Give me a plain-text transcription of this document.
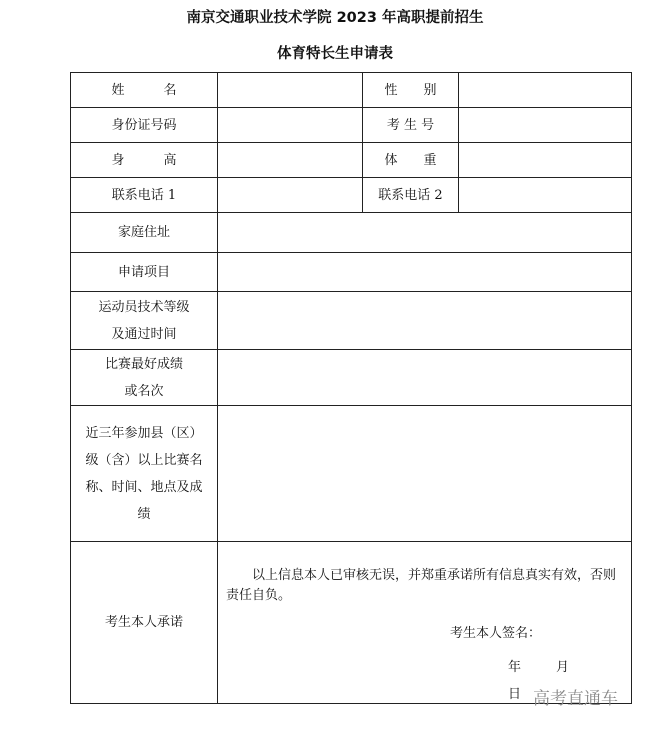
南京交通职业技术学院 2023 年高职提前招生
体育特长生申请表
姓　　　名		性　　别	
身份证号码		考 生 号	
身　　　高		体　　重	
联系电话 1		联系电话 2	
家庭住址			
申请项目			

运动员技术等级
及通过时间			

比赛最好成绩
或名次			

近三年参加县（区）
级（含）以上比赛名
称、时间、地点及成
绩			

考生本人承诺	以上信息本人已审核无误，并郑重承诺所有信息真实有效，否则责任自负。
考生本人签名：
年 月日		高考直通车
